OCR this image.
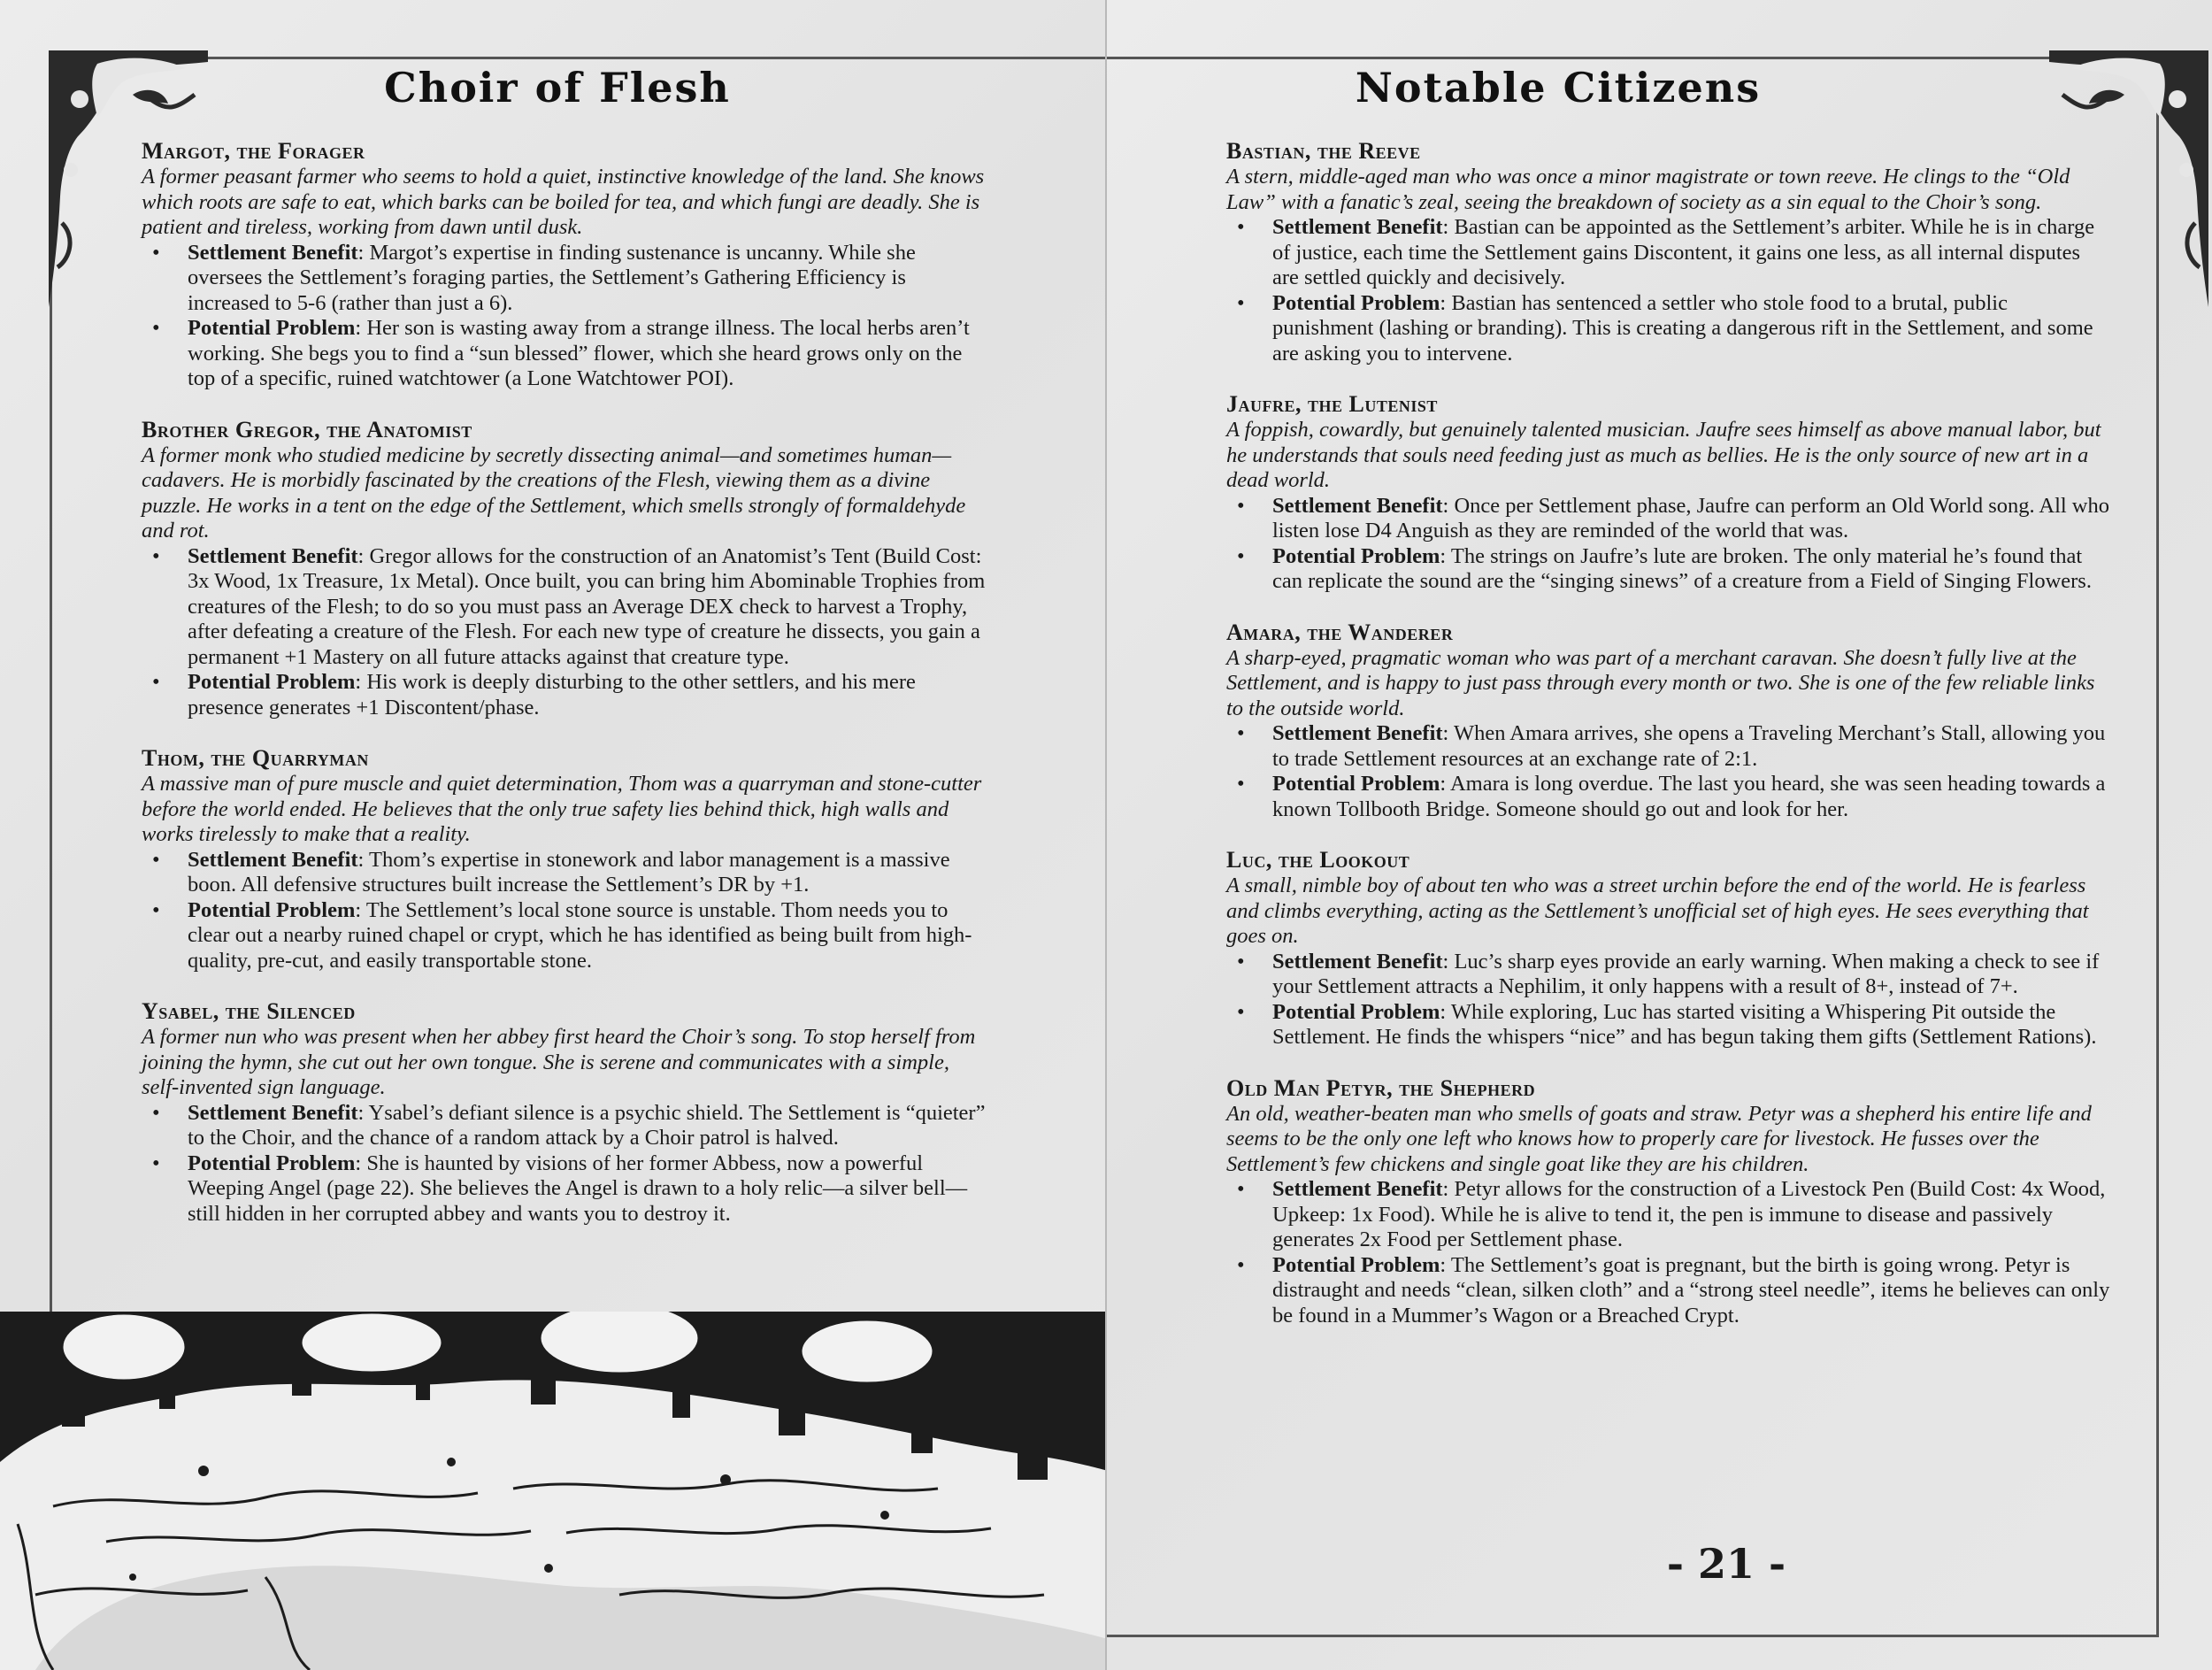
Choir of Flesh
Margot, the Forager
A former peasant farmer who seems to hold a quiet, instinctive knowledge of the land. She knows which roots are safe to eat, which barks can be boiled for tea, and which fungi are deadly. She is patient and tireless, working from dawn until dusk.
• Settlement Benefit: Margot’s expertise in finding sustenance is uncanny. While she oversees the Settlement’s foraging parties, the Settlement’s Gathering Efficiency is increased to 5-6 (rather than just a 6).
• Potential Problem: Her son is wasting away from a strange illness. The local herbs aren’t working. She begs you to find a “sun blessed” flower, which she heard grows only on the top of a specific, ruined watchtower (a Lone Watchtower POI).
Brother Gregor, the Anatomist
A former monk who studied medicine by secretly dissecting animal—and sometimes human—cadavers. He is morbidly fascinated by the creations of the Flesh, viewing them as a divine puzzle. He works in a tent on the edge of the Settlement, which smells strongly of formaldehyde and rot.
• Settlement Benefit: Gregor allows for the construction of an Anatomist’s Tent (Build Cost: 3x Wood, 1x Treasure, 1x Metal). Once built, you can bring him Abominable Trophies from creatures of the Flesh; to do so you must pass an Average DEX check to harvest a Trophy, after defeating a creature of the Flesh. For each new type of creature he dissects, you gain a permanent +1 Mastery on all future attacks against that creature type.
• Potential Problem: His work is deeply disturbing to the other settlers, and his mere presence generates +1 Discontent/phase.
Thom, the Quarryman
A massive man of pure muscle and quiet determination, Thom was a quarryman and stone-cutter before the world ended. He believes that the only true safety lies behind thick, high walls and works tirelessly to make that a reality.
• Settlement Benefit: Thom’s expertise in stonework and labor management is a massive boon. All defensive structures built increase the Settlement’s DR by +1.
• Potential Problem: The Settlement’s local stone source is unstable. Thom needs you to clear out a nearby ruined chapel or crypt, which he has identified as being built from high-quality, pre-cut, and easily transportable stone.
Ysabel, the Silenced
A former nun who was present when her abbey first heard the Choir’s song. To stop herself from joining the hymn, she cut out her own tongue. She is serene and communicates with a simple, self-invented sign language.
• Settlement Benefit: Ysabel’s defiant silence is a psychic shield. The Settlement is “quieter” to the Choir, and the chance of a random attack by a Choir patrol is halved.
• Potential Problem: She is haunted by visions of her former Abbess, now a powerful Weeping Angel (page 22). She believes the Angel is drawn to a holy relic—a silver bell—still hidden in her corrupted abbey and wants you to destroy it.
Notable Citizens
Bastian, the Reeve
A stern, middle-aged man who was once a minor magistrate or town reeve. He clings to the “Old Law” with a fanatic’s zeal, seeing the breakdown of society as a sin equal to the Choir’s song.
• Settlement Benefit: Bastian can be appointed as the Settlement’s arbiter. While he is in charge of justice, each time the Settlement gains Discontent, it gains one less, as all internal disputes are settled quickly and decisively.
• Potential Problem: Bastian has sentenced a settler who stole food to a brutal, public punishment (lashing or branding). This is creating a dangerous rift in the Settlement, and some are asking you to intervene.
Jaufre, the Lutenist
A foppish, cowardly, but genuinely talented musician. Jaufre sees himself as above manual labor, but he understands that souls need feeding just as much as bellies. He is the only source of new art in a dead world.
• Settlement Benefit: Once per Settlement phase, Jaufre can perform an Old World song. All who listen lose D4 Anguish as they are reminded of the world that was.
• Potential Problem: The strings on Jaufre’s lute are broken. The only material he’s found that can replicate the sound are the “singing sinews” of a creature from a Field of Singing Flowers.
Amara, the Wanderer
A sharp-eyed, pragmatic woman who was part of a merchant caravan. She doesn’t fully live at the Settlement, and is happy to just pass through every month or two. She is one of the few reliable links to the outside world.
• Settlement Benefit: When Amara arrives, she opens a Traveling Merchant’s Stall, allowing you to trade Settlement resources at an exchange rate of 2:1.
• Potential Problem: Amara is long overdue. The last you heard, she was seen heading towards a known Tollbooth Bridge. Someone should go out and look for her.
Luc, the Lookout
A small, nimble boy of about ten who was a street urchin before the end of the world. He is fearless and climbs everything, acting as the Settlement’s unofficial set of high eyes. He sees everything that goes on.
• Settlement Benefit: Luc’s sharp eyes provide an early warning. When making a check to see if your Settlement attracts a Nephilim, it only happens with a result of 8+, instead of 7+.
• Potential Problem: While exploring, Luc has started visiting a Whispering Pit outside the Settlement. He finds the whispers “nice” and has begun taking them gifts (Settlement Rations).
Old Man Petyr, the Shepherd
An old, weather-beaten man who smells of goats and straw. Petyr was a shepherd his entire life and seems to be the only one left who knows how to properly care for livestock. He fusses over the Settlement’s few chickens and single goat like they are his children.
• Settlement Benefit: Petyr allows for the construction of a Livestock Pen (Build Cost: 4x Wood, Upkeep: 1x Food). While he is alive to tend it, the pen is immune to disease and passively generates 2x Food per Settlement phase.
• Potential Problem: The Settlement’s goat is pregnant, but the birth is going wrong. Petyr is distraught and needs “clean, silken cloth” and a “strong steel needle”, items he believes can only be found in a Mummer’s Wagon or a Breached Crypt.
- 21 -
